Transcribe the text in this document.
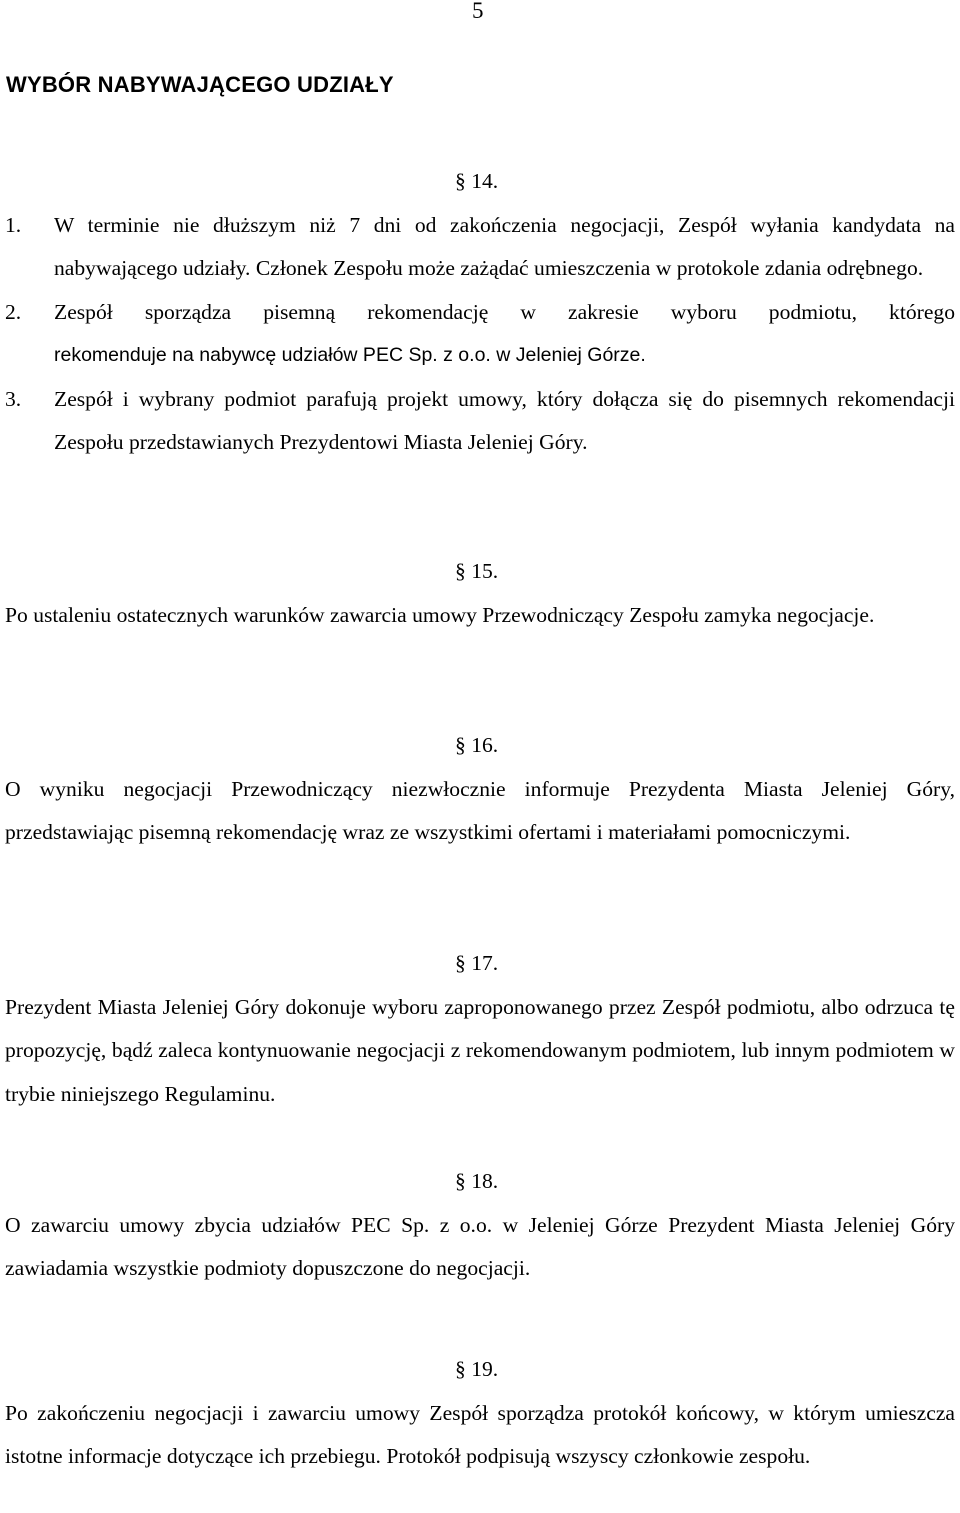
5
WYBÓR NABYWAJĄCEGO UDZIAŁY
§ 14.
1.	W terminie nie dłuższym niż 7 dni od zakończenia negocjacji, Zespół wyłania kandydata na nabywającego udziały. Członek Zespołu może zażądać umieszczenia w protokole zdania odrębnego.
2.	Zespół sporządza pisemną rekomendację w zakresie wyboru podmiotu, którego
rekomenduje na nabywcę udziałów PEC Sp. z o.o. w Jeleniej Górze.
3.	Zespół i wybrany podmiot parafują projekt umowy, który dołącza się do pisemnych rekomendacji Zespołu przedstawianych Prezydentowi Miasta Jeleniej Góry.
§ 15.
Po ustaleniu ostatecznych warunków zawarcia umowy Przewodniczący Zespołu zamyka negocjacje.
§ 16.
O wyniku negocjacji Przewodniczący niezwłocznie informuje Prezydenta Miasta Jeleniej Góry, przedstawiając pisemną rekomendację wraz ze wszystkimi ofertami i materiałami pomocniczymi.
§ 17.
Prezydent Miasta Jeleniej Góry dokonuje wyboru zaproponowanego przez Zespół podmiotu, albo odrzuca tę propozycję, bądź zaleca kontynuowanie negocjacji z rekomendowanym podmiotem, lub innym podmiotem w trybie niniejszego Regulaminu.
§ 18.
O zawarciu umowy zbycia udziałów PEC Sp. z o.o. w Jeleniej Górze Prezydent Miasta Jeleniej Góry zawiadamia wszystkie podmioty dopuszczone do negocjacji.
§ 19.
Po zakończeniu negocjacji i zawarciu umowy Zespół sporządza protokół końcowy, w którym umieszcza istotne informacje dotyczące ich przebiegu. Protokół podpisują wszyscy członkowie zespołu.
